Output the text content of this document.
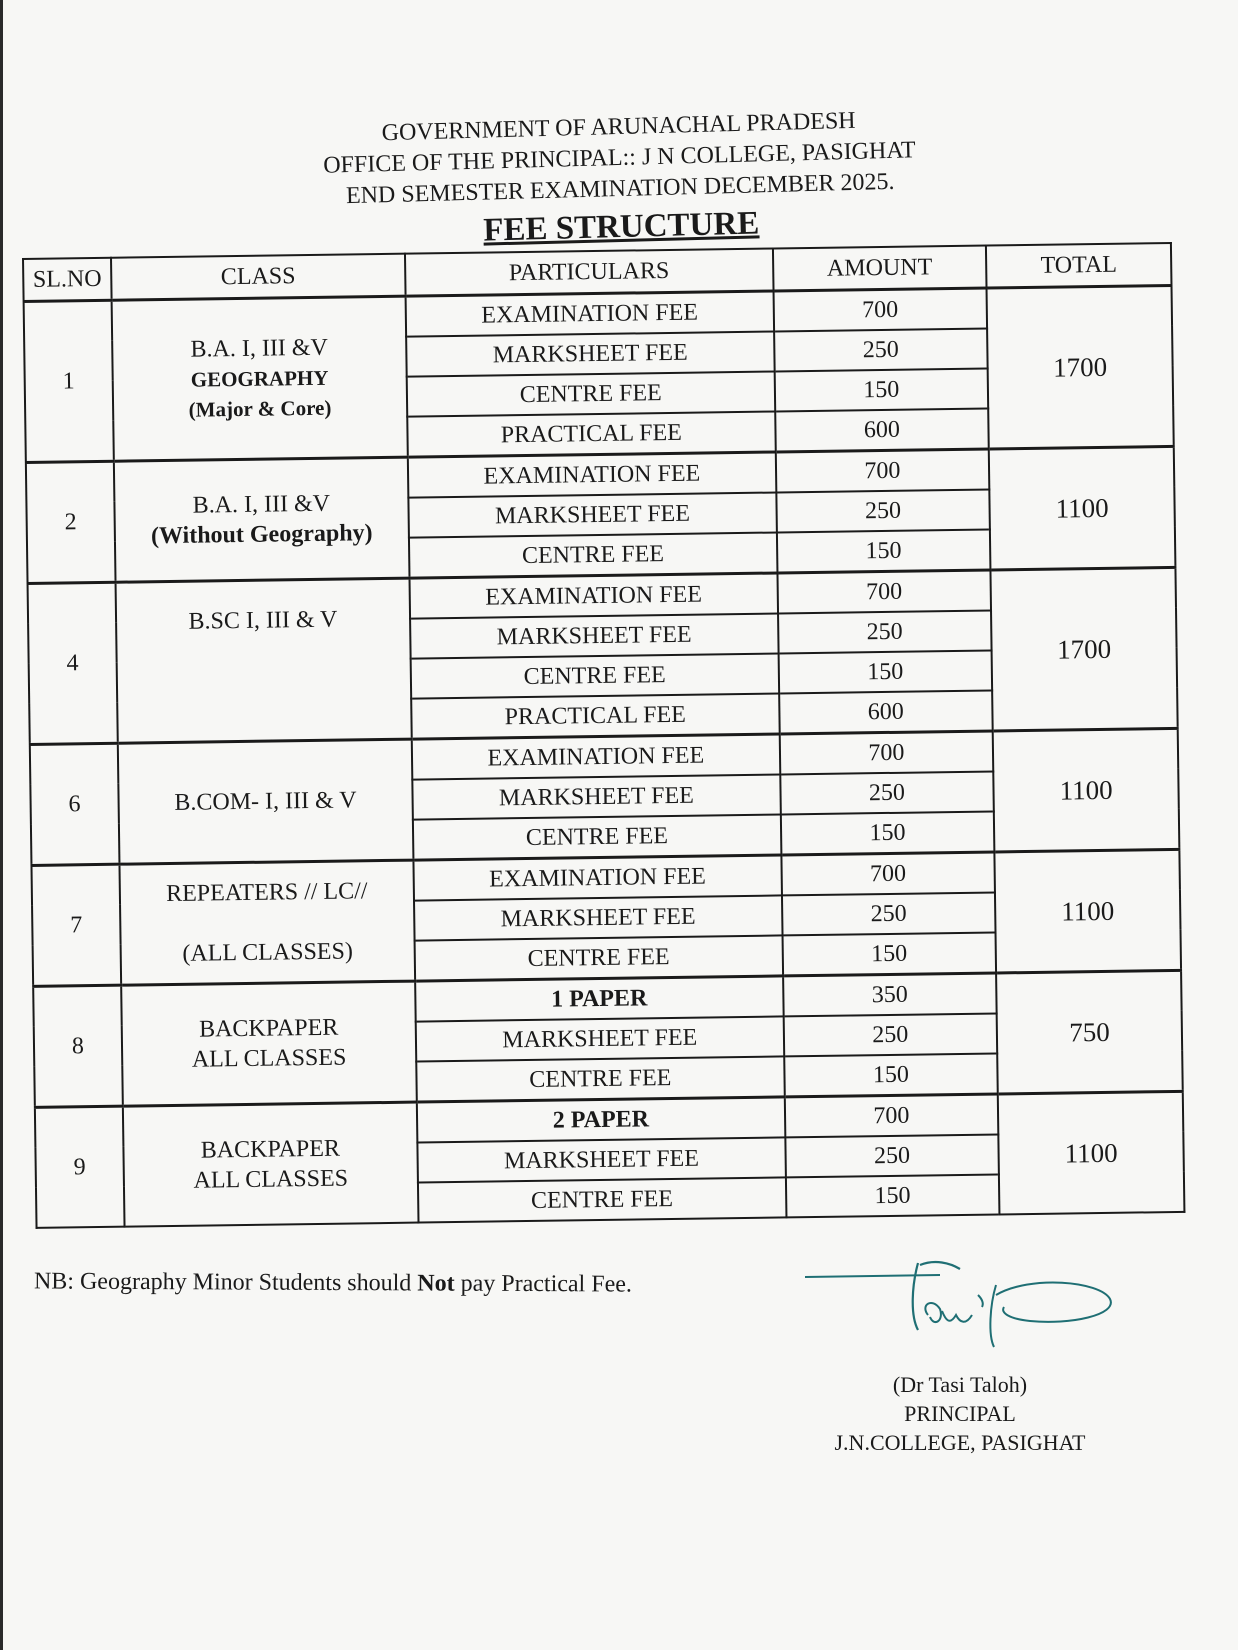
GOVERNMENT OF ARUNACHAL PRADESH
OFFICE OF THE PRINCIPAL:: J N COLLEGE, PASIGHAT
END SEMESTER EXAMINATION DECEMBER 2025.
FEE STRUCTURE
SL.NO	CLASS	PARTICULARS	AMOUNT	TOTAL
1	B.A. I, III &V
GEOGRAPHY
(Major & Core)	EXAMINATION FEE	700	1700
		MARKSHEET FEE	250	
		CENTRE FEE	150	
		PRACTICAL FEE	600	
2	B.A. I, III &V
(Without Geography)	EXAMINATION FEE	700	1100
		MARKSHEET FEE	250	
		CENTRE FEE	150	
4	B.SC I, III & V	EXAMINATION FEE	700	1700
		MARKSHEET FEE	250	
		CENTRE FEE	150	
		PRACTICAL FEE	600	
6	B.COM- I, III & V	EXAMINATION FEE	700	1100
		MARKSHEET FEE	250	
		CENTRE FEE	150	
7	REPEATERS // LC//
(ALL CLASSES)	EXAMINATION FEE	700	1100
		MARKSHEET FEE	250	
		CENTRE FEE	150	
8	BACKPAPER
ALL CLASSES	1 PAPER	350	750
		MARKSHEET FEE	250	
		CENTRE FEE	150	
9	BACKPAPER
ALL CLASSES	2 PAPER	700	1100
		MARKSHEET FEE	250	
		CENTRE FEE	150	
NB: Geography Minor Students should Not pay Practical Fee.
(Dr Tasi Taloh)
PRINCIPAL
J.N.COLLEGE, PASIGHAT
